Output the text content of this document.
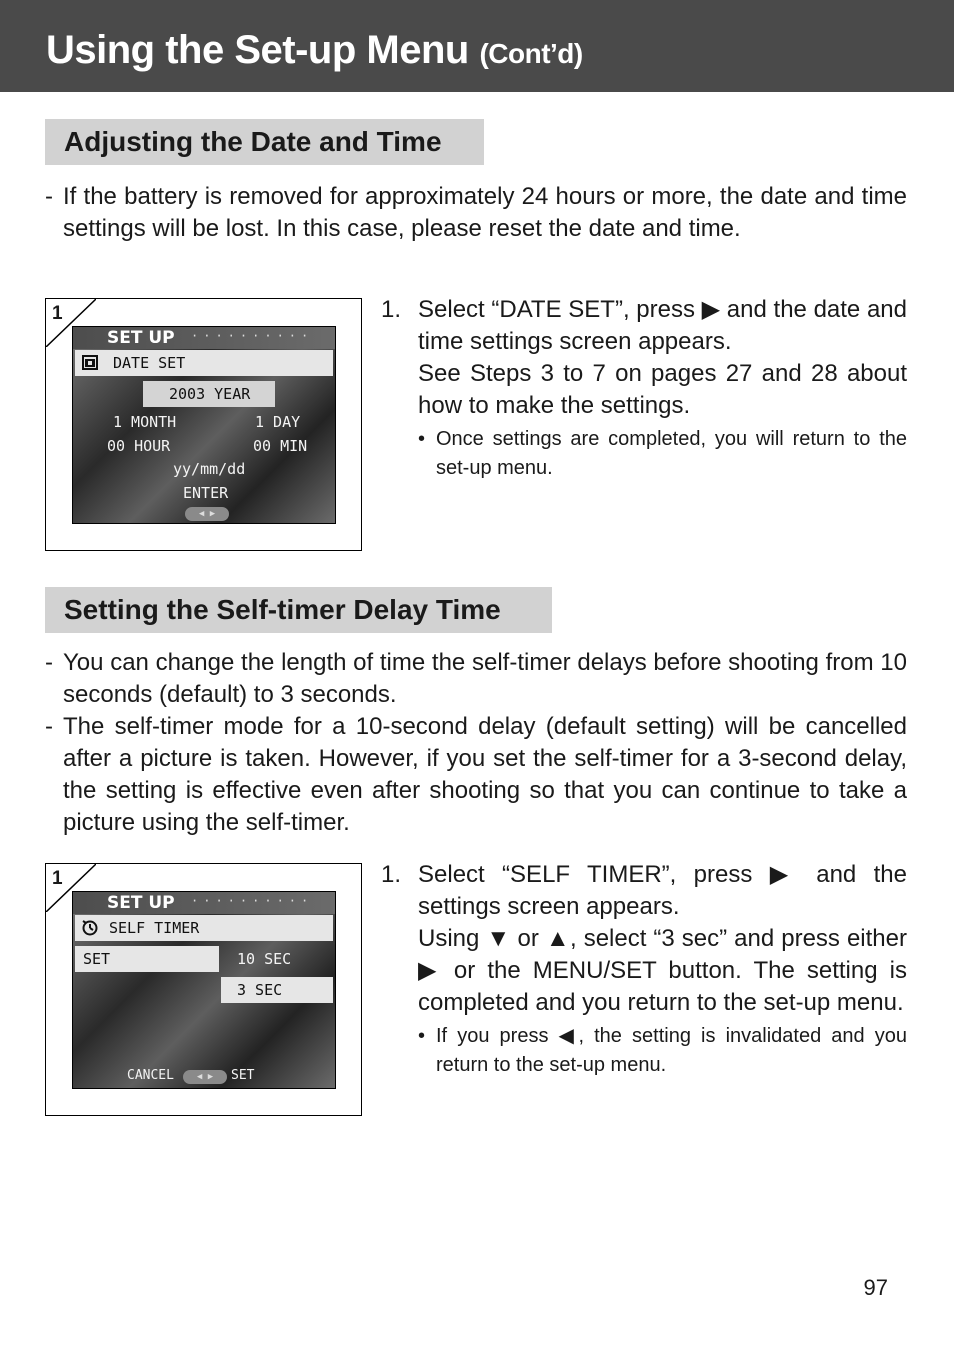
Using the Set-up Menu (Cont’d)
Adjusting the Date and Time
- If the battery is removed for approximately 24 hours or more, the date and time settings will be lost. In this case, please reset the date and time.
1
SET UP ··········
DATE SET
2003 YEAR
1 MONTH	1 DAY
00 HOUR	00 MIN
yy/mm/dd
ENTER
◀ ▶
1. Select “DATE SET”, press ▶ and the date and time settings screen appears.

See Steps 3 to 7 on pages 27 and 28 about how to make the settings.

• Once settings are completed, you will return to the set-up menu.
Setting the Self-timer Delay Time
- You can change the length of time the self-timer delays before shooting from 10 seconds (default) to 3 seconds.
- The self-timer mode for a 10-second delay (default setting) will be cancelled after a picture is taken. However, if you set the self-timer for a 3-second delay, the setting is effective even after shooting so that you can continue to take a picture using the self-timer.
1
SET UP ··········
SELF TIMER
SET	10 SEC
3 SEC
CANCEL	◀ ▶	SET
1. Select “SELF TIMER”, press ▶ and the settings screen appears.

Using ▼ or ▲, select “3 sec” and press either ▶ or the MENU/SET button. The setting is completed and you return to the set-up menu.

• If you press ◀, the setting is invalidated and you return to the set-up menu.
97
